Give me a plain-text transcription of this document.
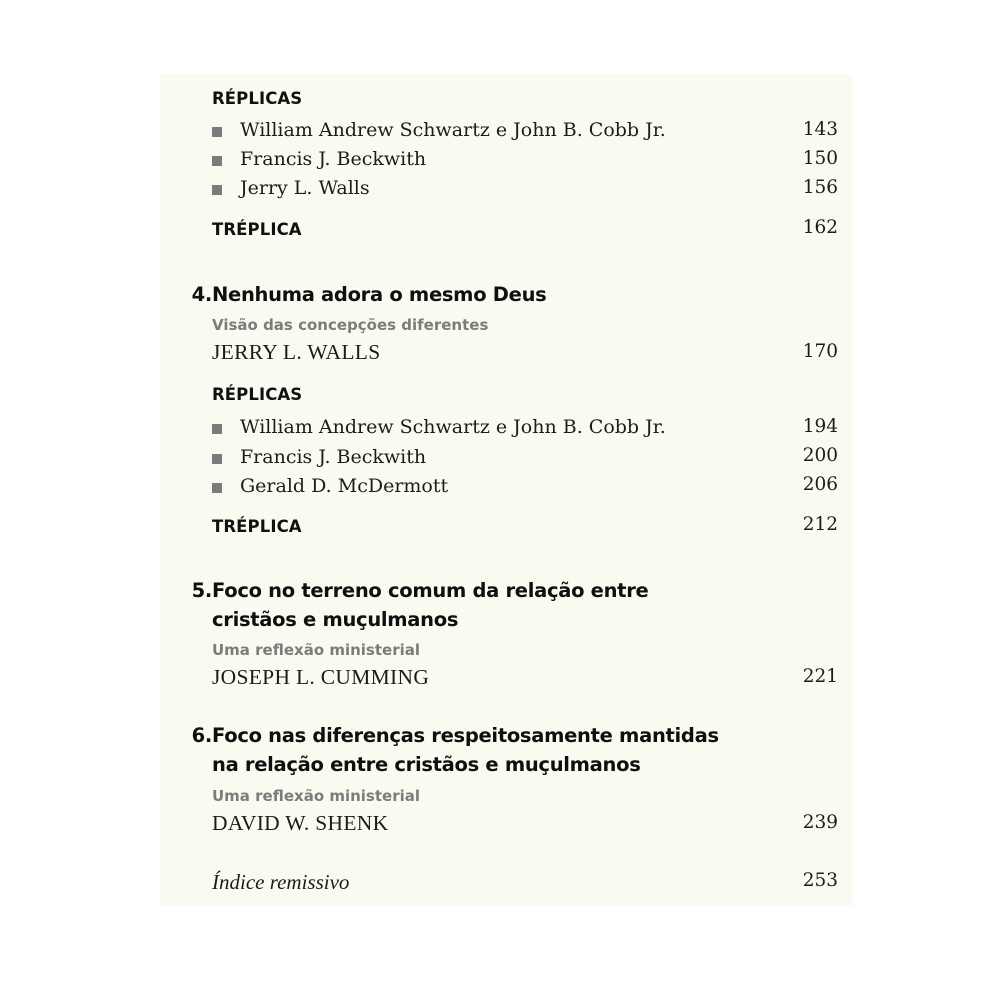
RÉPLICAS
William Andrew Schwartz e John B. Cobb Jr.	143
Francis J. Beckwith	150
Jerry L. Walls	156
TRÉPLICA	162
4. Nenhuma adora o mesmo Deus
Visão das concepções diferentes
JERRY L. WALLS	170
RÉPLICAS
William Andrew Schwartz e John B. Cobb Jr.	194
Francis J. Beckwith	200
Gerald D. McDermott	206
TRÉPLICA	212
5. Foco no terreno comum da relação entre
cristãos e muçulmanos
Uma reflexão ministerial
JOSEPH L. CUMMING	221
6. Foco nas diferenças respeitosamente mantidas
na relação entre cristãos e muçulmanos
Uma reflexão ministerial
DAVID W. SHENK	239
Índice remissivo	253
